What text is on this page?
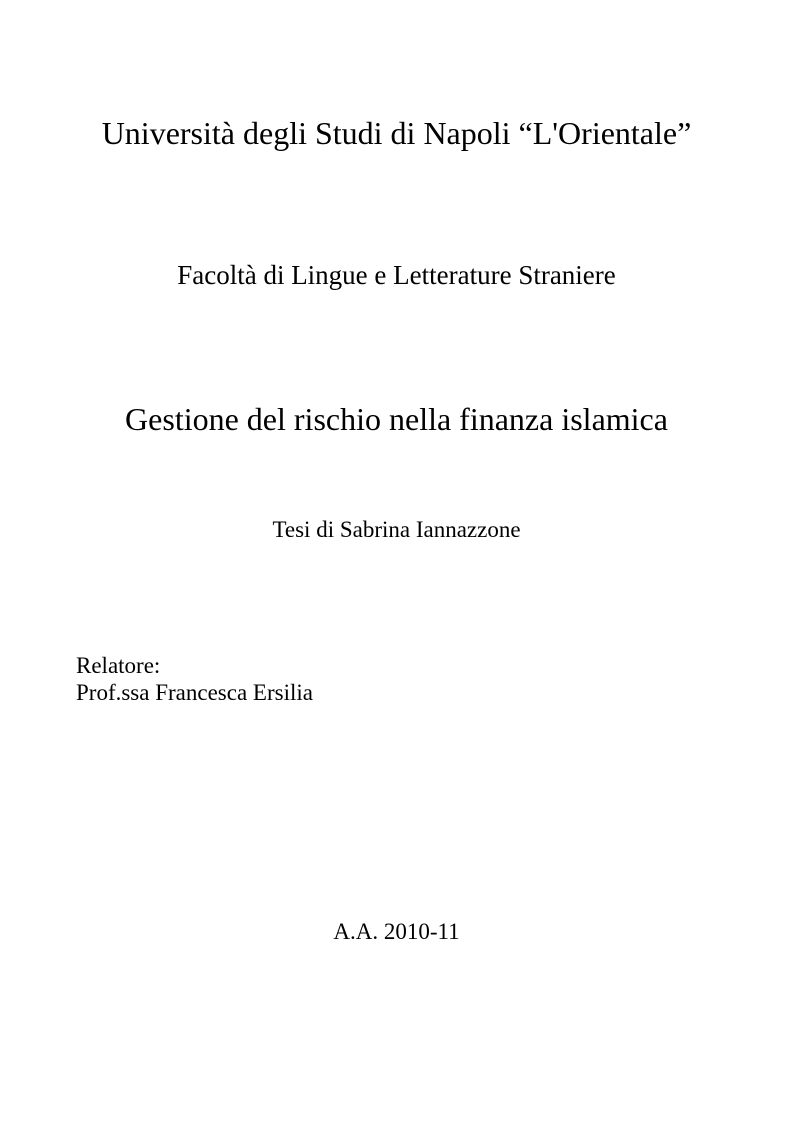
Università degli Studi di Napoli “L'Orientale”
Facoltà di Lingue e Letterature Straniere
Gestione del rischio nella finanza islamica
Tesi di Sabrina Iannazzone
Relatore:
Prof.ssa Francesca Ersilia
A.A. 2010-11
